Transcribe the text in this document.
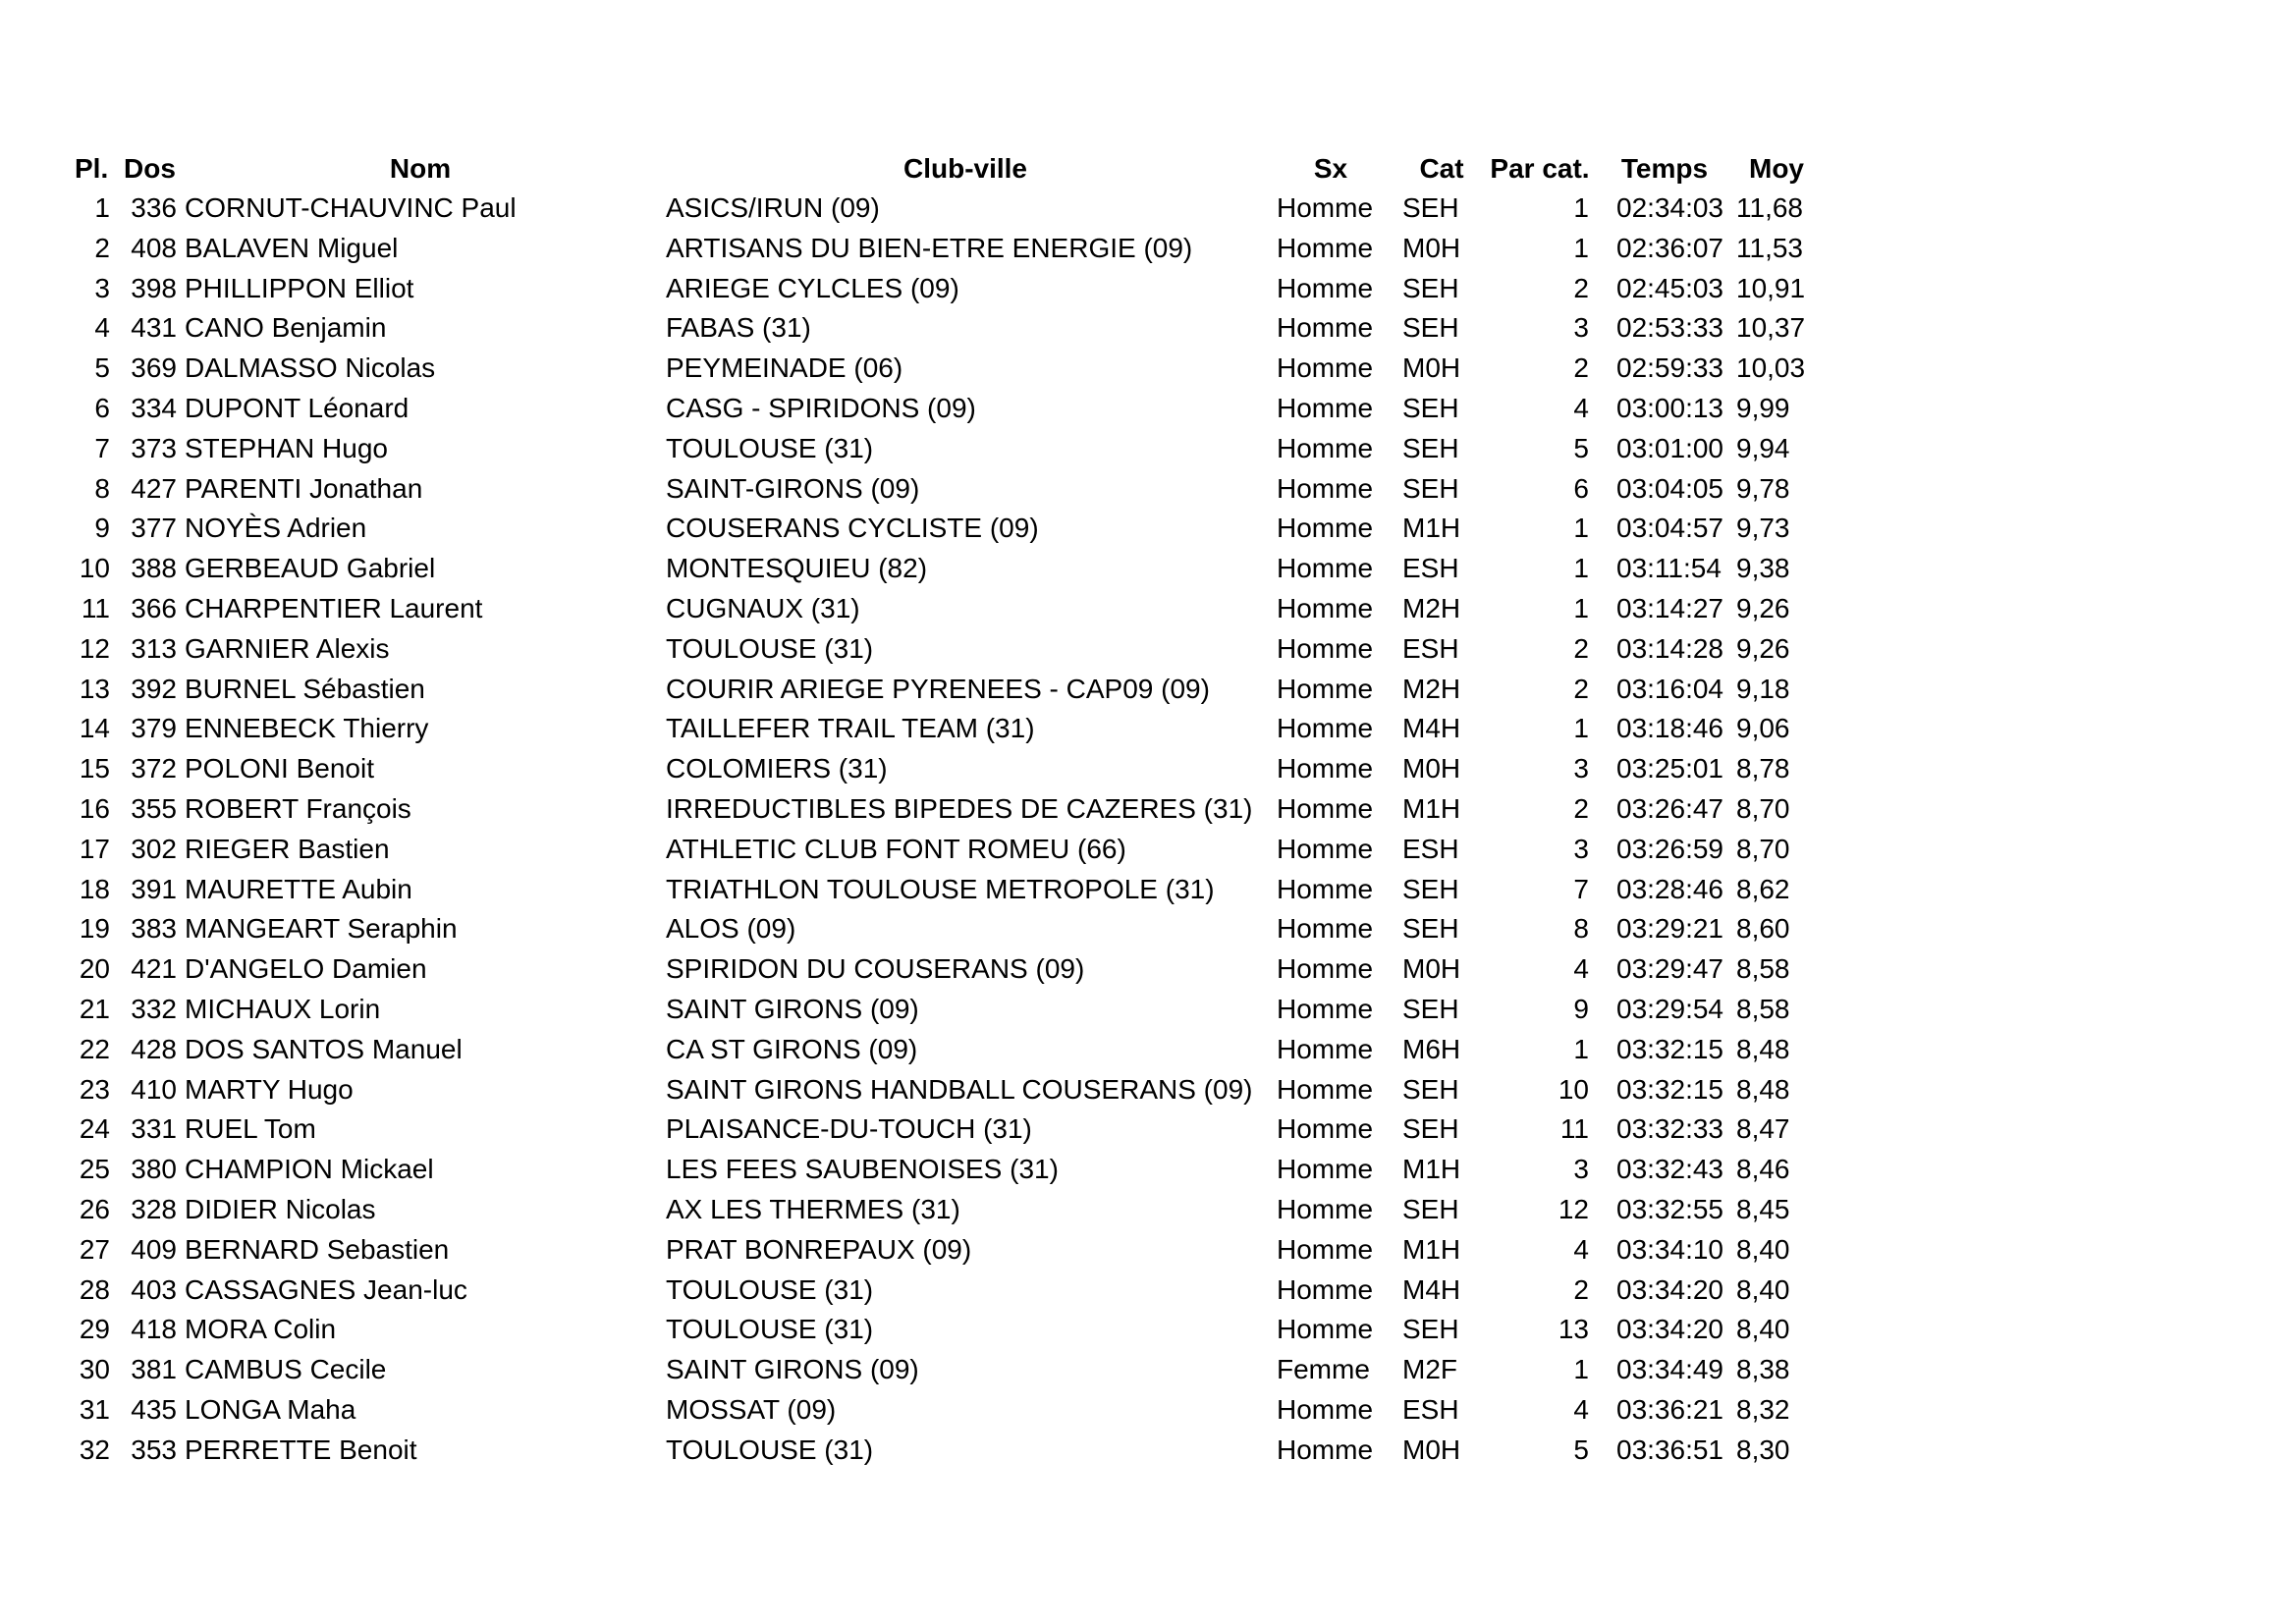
Pl. Dos	Nom	Club-ville	Sx	Cat Par cat.	Temps	Moy
1 336 CORNUT-CHAUVINC Paul	ASICS/IRUN (09)	Homme	SEH	1 02:34:03 11,68
2 408 BALAVEN Miguel	ARTISANS DU BIEN-ETRE ENERGIE (09)	Homme	M0H	1 02:36:07 11,53
3 398 PHILLIPPON Elliot	ARIEGE CYLCLES (09)	Homme	SEH	2 02:45:03 10,91
4 431 CANO Benjamin	FABAS (31)	Homme	SEH	3 02:53:33 10,37
5 369 DALMASSO Nicolas	PEYMEINADE (06)	Homme	M0H	2 02:59:33 10,03
6 334 DUPONT Léonard	CASG - SPIRIDONS (09)	Homme	SEH	4 03:00:13 9,99
7 373 STEPHAN Hugo	TOULOUSE (31)	Homme	SEH	5 03:01:00 9,94
8 427 PARENTI Jonathan	SAINT-GIRONS (09)	Homme	SEH	6 03:04:05 9,78
9 377 NOYÈS Adrien	COUSERANS CYCLISTE (09)	Homme	M1H	1 03:04:57 9,73
10 388 GERBEAUD Gabriel	MONTESQUIEU (82)	Homme	ESH	1 03:11:54 9,38
11 366 CHARPENTIER Laurent	CUGNAUX (31)	Homme	M2H	1 03:14:27 9,26
12 313 GARNIER Alexis	TOULOUSE (31)	Homme	ESH	2 03:14:28 9,26
13 392 BURNEL Sébastien	COURIR ARIEGE PYRENEES - CAP09 (09)	Homme	M2H	2 03:16:04 9,18
14 379 ENNEBECK Thierry	TAILLEFER TRAIL TEAM (31)	Homme	M4H	1 03:18:46 9,06
15 372 POLONI Benoit	COLOMIERS (31)	Homme	M0H	3 03:25:01 8,78
16 355 ROBERT François	IRREDUCTIBLES BIPEDES DE CAZERES (31) Homme	M1H	2 03:26:47 8,70
17 302 RIEGER Bastien	ATHLETIC CLUB FONT ROMEU (66)	Homme	ESH	3 03:26:59 8,70
18 391 MAURETTE Aubin	TRIATHLON TOULOUSE METROPOLE (31)	Homme	SEH	7 03:28:46 8,62
19 383 MANGEART Seraphin	ALOS (09)	Homme	SEH	8 03:29:21 8,60
20 421 D'ANGELO Damien	SPIRIDON DU COUSERANS (09)	Homme	M0H	4 03:29:47 8,58
21 332 MICHAUX Lorin	SAINT GIRONS (09)	Homme	SEH	9 03:29:54 8,58
22 428 DOS SANTOS Manuel	CA ST GIRONS (09)	Homme	M6H	1 03:32:15 8,48
23 410 MARTY Hugo	SAINT GIRONS HANDBALL COUSERANS (09) Homme	SEH	10 03:32:15 8,48
24 331 RUEL Tom	PLAISANCE-DU-TOUCH (31)	Homme	SEH	11 03:32:33 8,47
25 380 CHAMPION Mickael	LES FEES SAUBENOISES (31)	Homme	M1H	3 03:32:43 8,46
26 328 DIDIER Nicolas	AX LES THERMES (31)	Homme	SEH	12 03:32:55 8,45
27 409 BERNARD Sebastien	PRAT BONREPAUX (09)	Homme	M1H	4 03:34:10 8,40
28 403 CASSAGNES Jean-luc	TOULOUSE (31)	Homme	M4H	2 03:34:20 8,40
29 418 MORA Colin	TOULOUSE (31)	Homme	SEH	13 03:34:20 8,40
30 381 CAMBUS Cecile	SAINT GIRONS (09)	Femme	M2F	1 03:34:49 8,38
31 435 LONGA Maha	MOSSAT (09)	Homme	ESH	4 03:36:21 8,32
32 353 PERRETTE Benoit	TOULOUSE (31)	Homme	M0H	5 03:36:51 8,30
